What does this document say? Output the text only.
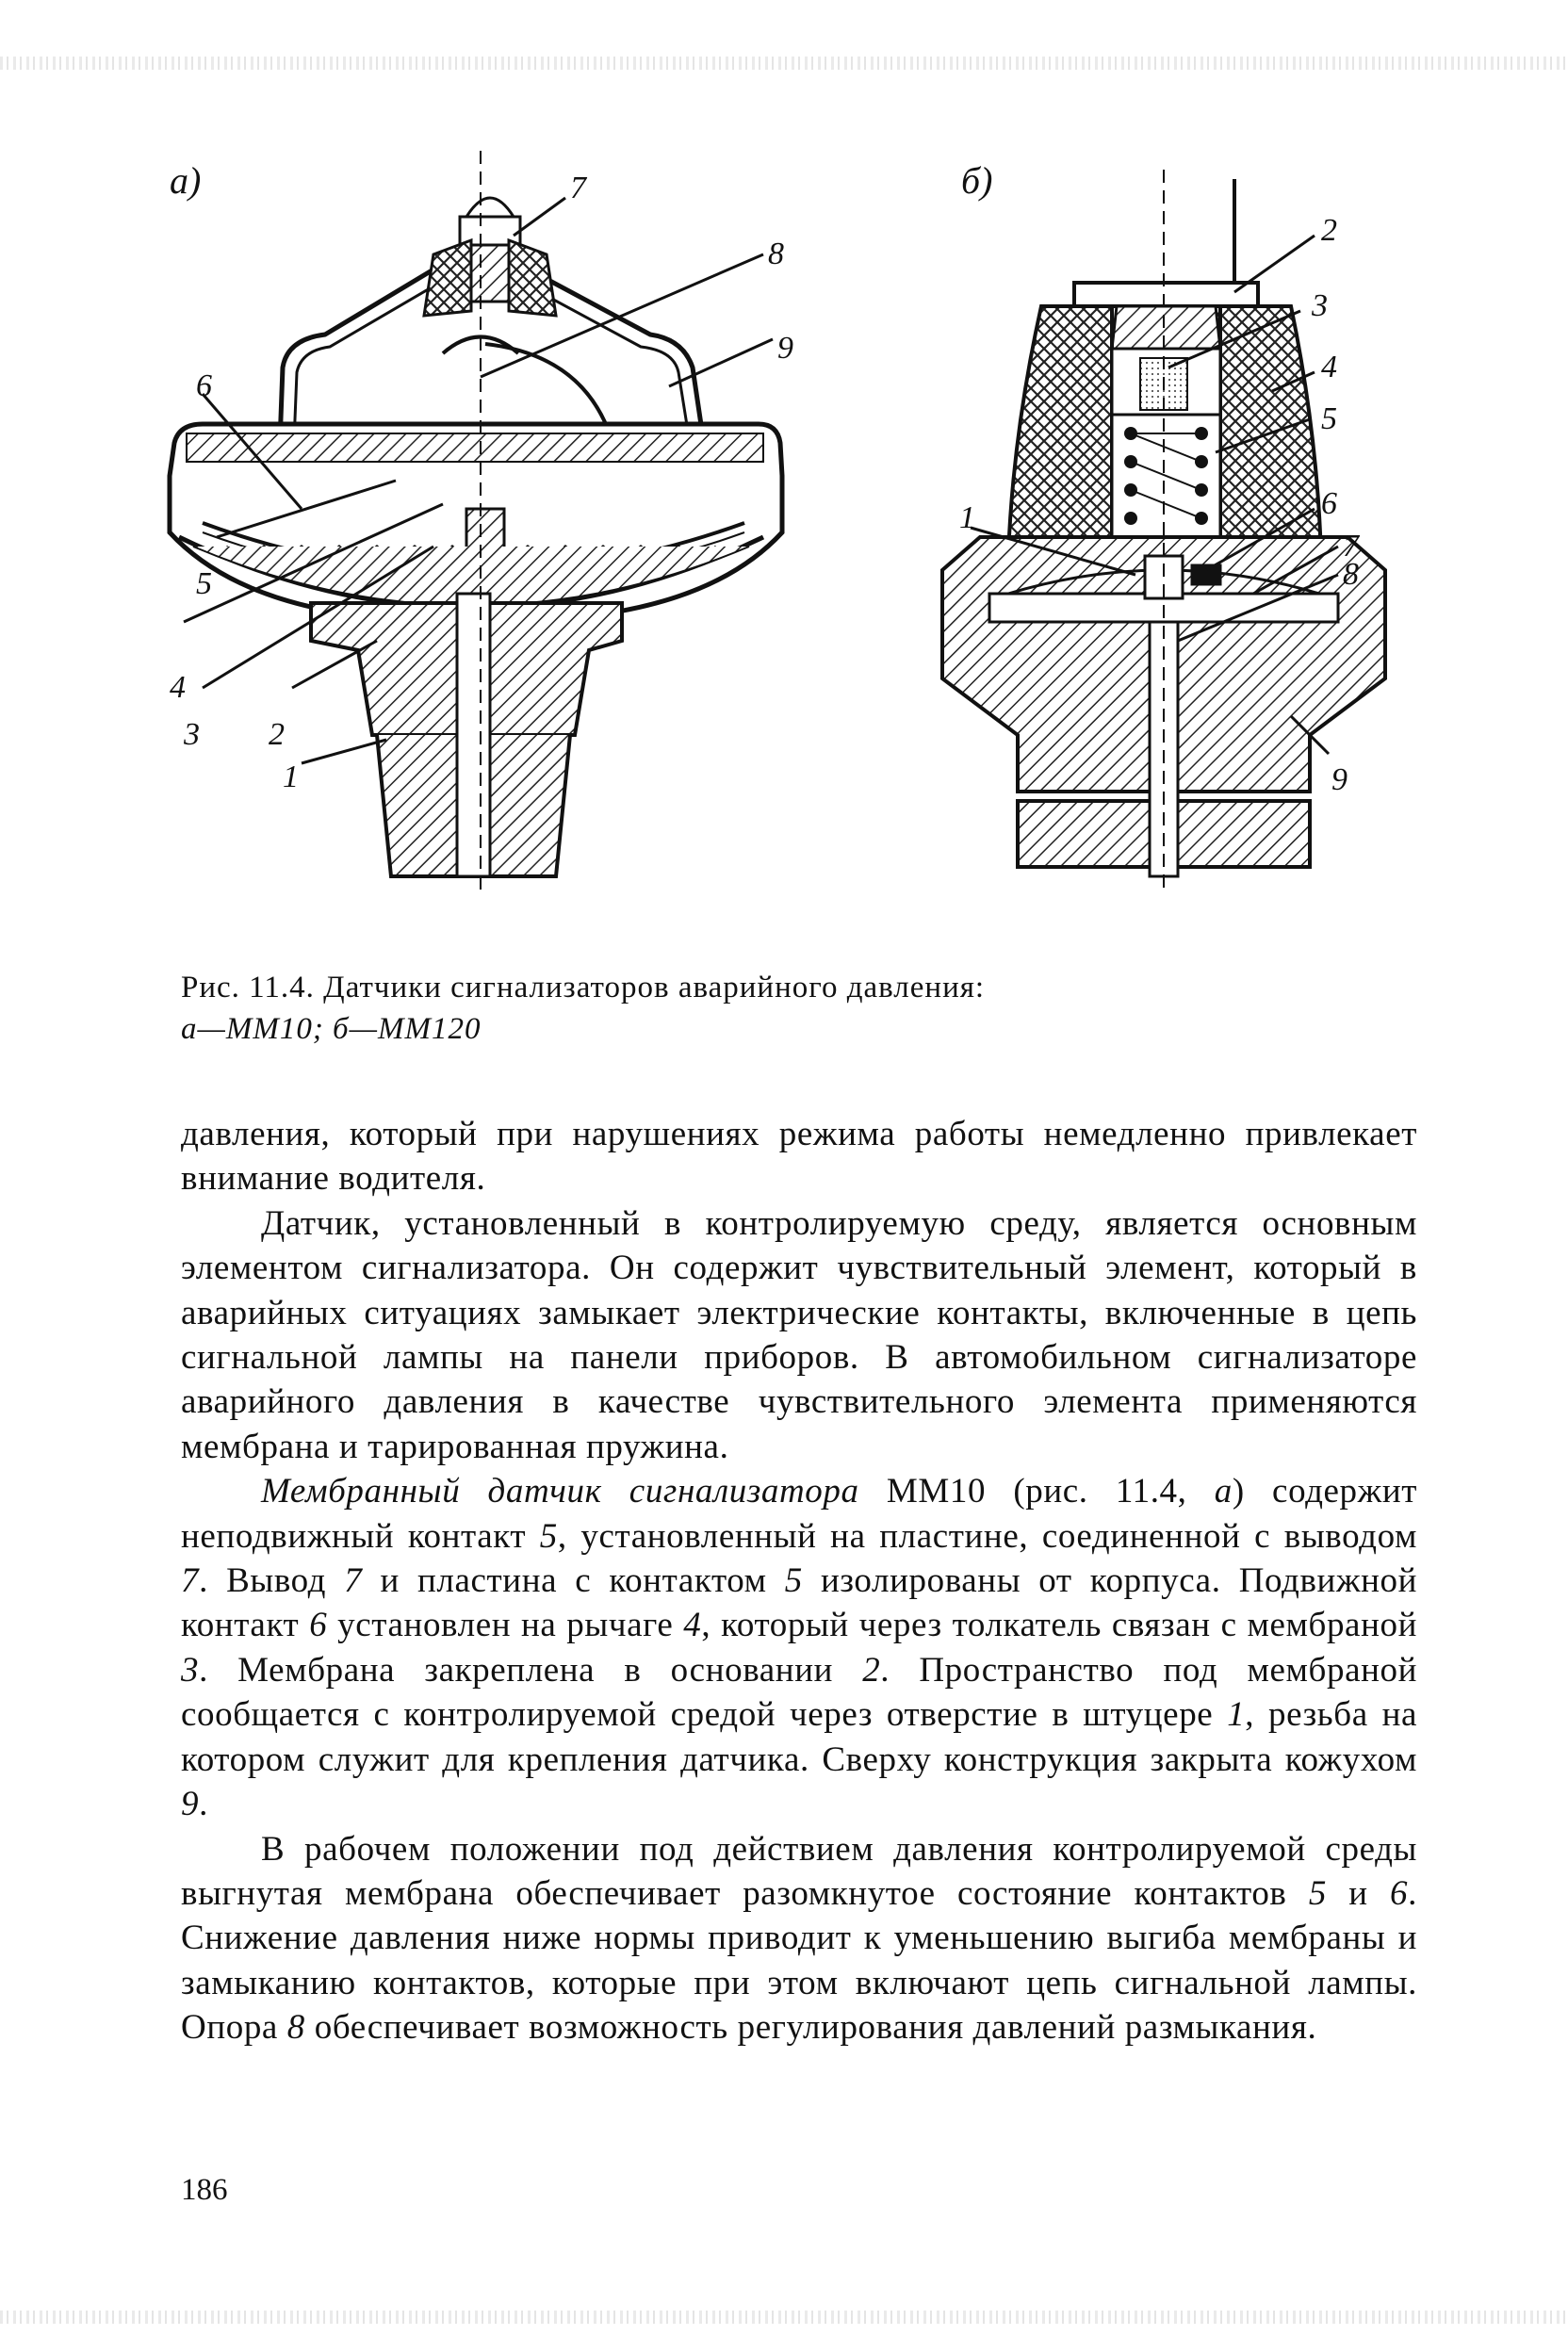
а)	7
8
9
6
5
4
3 2
1
б)
2
3
4
5
1	6
7
8
9
Рис. 11.4. Датчики сигнализаторов аварийного давления:
а—ММ10; б—ММ120

давления, который при нарушениях режима работы немедленно привлекает внимание водителя.

Датчик, установленный в контролируемую среду, является основным элементом сигнализатора. Он содержит чувствительный элемент, который в аварийных ситуациях замыкает электрические контакты, включенные в цепь сигнальной лампы на панели приборов. В автомобильном сигнализаторе аварийного давления в качестве чувствительного элемента применяются мембрана и тарированная пружина.

Мембранный датчик сигнализатора ММ10 (рис. 11.4, а) содержит неподвижный контакт 5, установленный на пластине, соединенной с выводом 7. Вывод 7 и пластина с контактом 5 изолированы от корпуса. Подвижной контакт 6 установлен на рычаге 4, который через толкатель связан с мембраной 3. Мембрана закреплена в основании 2. Пространство под мембраной сообщается с контролируемой средой через отверстие в штуцере 1, резьба на котором служит для крепления датчика. Сверху конструкция закрыта кожухом 9.

В рабочем положении под действием давления контролируемой среды выгнутая мембрана обеспечивает разомкнутое состояние контактов 5 и 6. Снижение давления ниже нормы приводит к уменьшению выгиба мембраны и замыканию контактов, которые при этом включают цепь сигнальной лампы. Опора 8 обеспечивает возможность регулирования давлений размыкания.

186
